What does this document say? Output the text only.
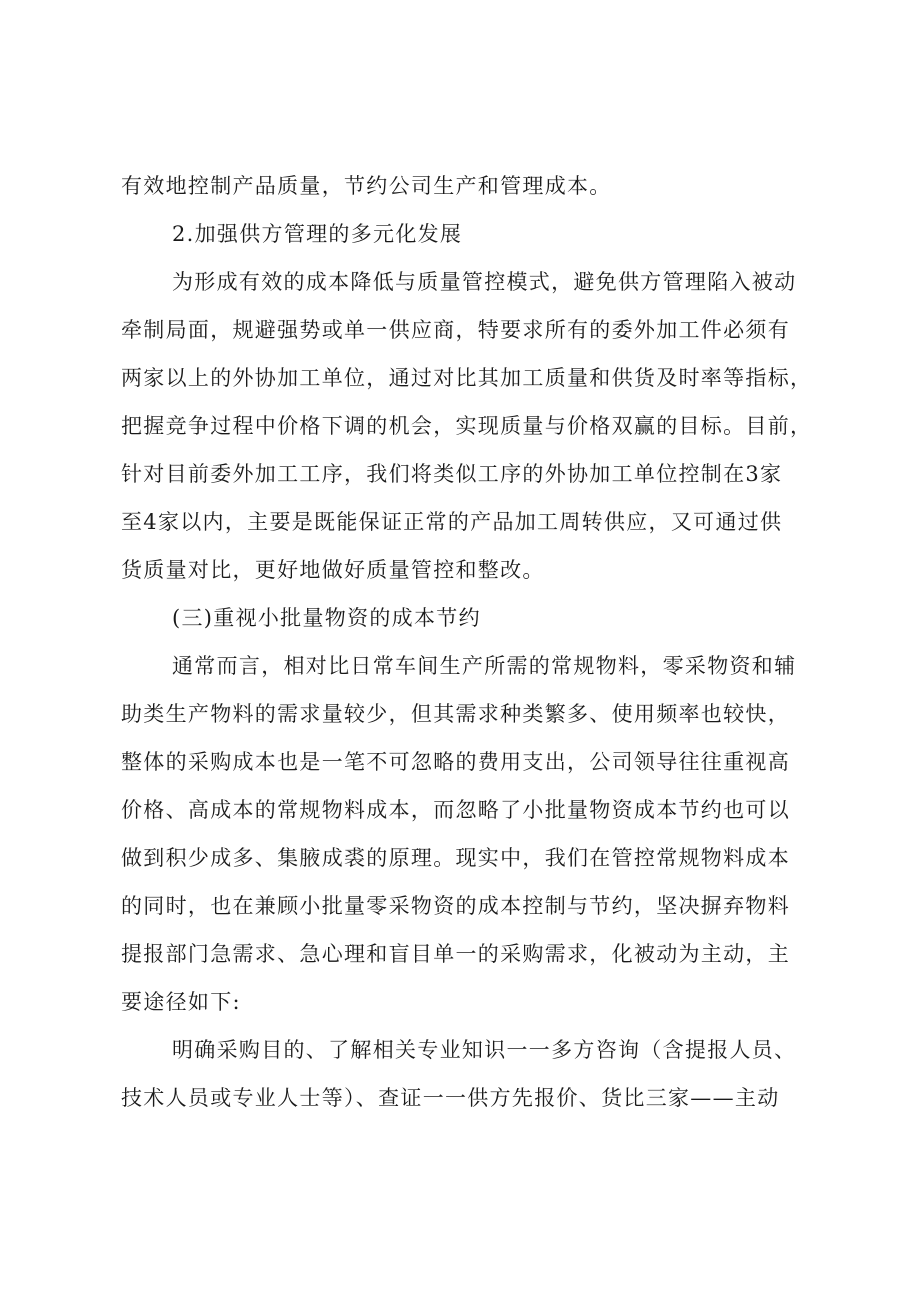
有效地控制产品质量，节约公司生产和管理成本。
2.加强供方管理的多元化发展
为形成有效的成本降低与质量管控模式，避免供方管理陷入被动
牵制局面，规避强势或单一供应商，特要求所有的委外加工件必须有
两家以上的外协加工单位，通过对比其加工质量和供货及时率等指标，
把握竞争过程中价格下调的机会，实现质量与价格双赢的目标。目前，
针对目前委外加工工序，我们将类似工序的外协加工单位控制在3家
至4家以内，主要是既能保证正常的产品加工周转供应，又可通过供
货质量对比，更好地做好质量管控和整改。
(三)重视小批量物资的成本节约
通常而言，相对比日常车间生产所需的常规物料，零采物资和辅
助类生产物料的需求量较少，但其需求种类繁多、使用频率也较快，
整体的采购成本也是一笔不可忽略的费用支出，公司领导往往重视高
价格、高成本的常规物料成本，而忽略了小批量物资成本节约也可以
做到积少成多、集腋成裘的原理。现实中，我们在管控常规物料成本
的同时，也在兼顾小批量零采物资的成本控制与节约，坚决摒弃物料
提报部门急需求、急心理和盲目单一的采购需求，化被动为主动，主
要途径如下:
明确采购目的、了解相关专业知识一一多方咨询（含提报人员、
技术人员或专业人士等）、查证一一供方先报价、货比三家——主动
